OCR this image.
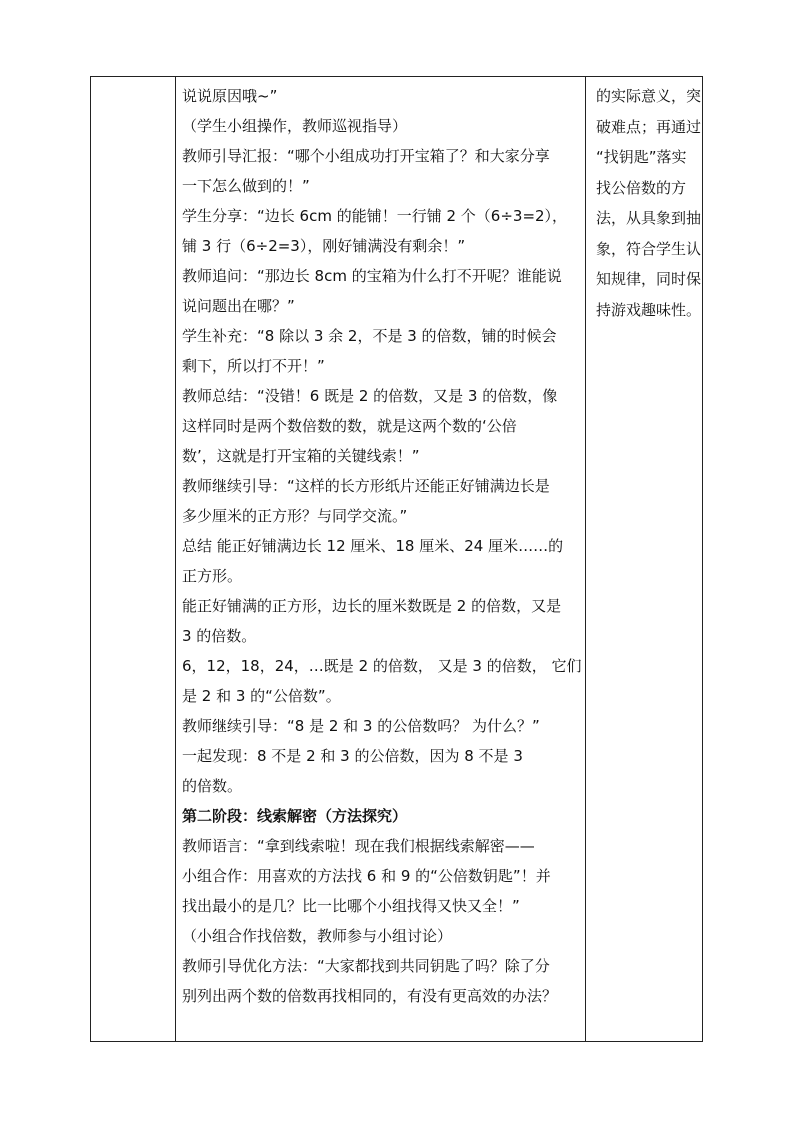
说说原因哦~”
（学生小组操作，教师巡视指导）
教师引导汇报：“哪个小组成功打开宝箱了？和大家分享
一下怎么做到的！”
学生分享：“边长 6cm 的能铺！一行铺 2 个（6÷3=2），
铺 3 行（6÷2=3），刚好铺满没有剩余！”
教师追问：“那边长 8cm 的宝箱为什么打不开呢？谁能说
说问题出在哪？”
学生补充：“8 除以 3 余 2，不是 3 的倍数，铺的时候会
剩下，所以打不开！”
教师总结：“没错！6 既是 2 的倍数，又是 3 的倍数，像
这样同时是两个数倍数的数，就是这两个数的‘公倍
数’，这就是打开宝箱的关键线索！”
教师继续引导：“这样的长方形纸片还能正好铺满边长是
多少厘米的正方形？与同学交流。”
总结 能正好铺满边长 12 厘米、18 厘米、24 厘米……的
正方形。
能正好铺满的正方形，边长的厘米数既是 2 的倍数，又是
3 的倍数。
6，12，18，24，…既是 2 的倍数， 又是 3 的倍数， 它们
是 2 和 3 的“公倍数”。
教师继续引导：“8 是 2 和 3 的公倍数吗？ 为什么？”
一起发现：8 不是 2 和 3 的公倍数，因为 8 不是 3
的倍数。
第二阶段：线索解密（方法探究）
教师语言：“拿到线索啦！现在我们根据线索解密——
小组合作：用喜欢的方法找 6 和 9 的“公倍数钥匙”！并
找出最小的是几？比一比哪个小组找得又快又全！”
（小组合作找倍数，教师参与小组讨论）
教师引导优化方法：“大家都找到共同钥匙了吗？除了分
别列出两个数的倍数再找相同的，有没有更高效的办法？
的实际意义，突
破难点；再通过
“找钥匙”落实
找公倍数的方
法，从具象到抽
象，符合学生认
知规律，同时保
持游戏趣味性。
